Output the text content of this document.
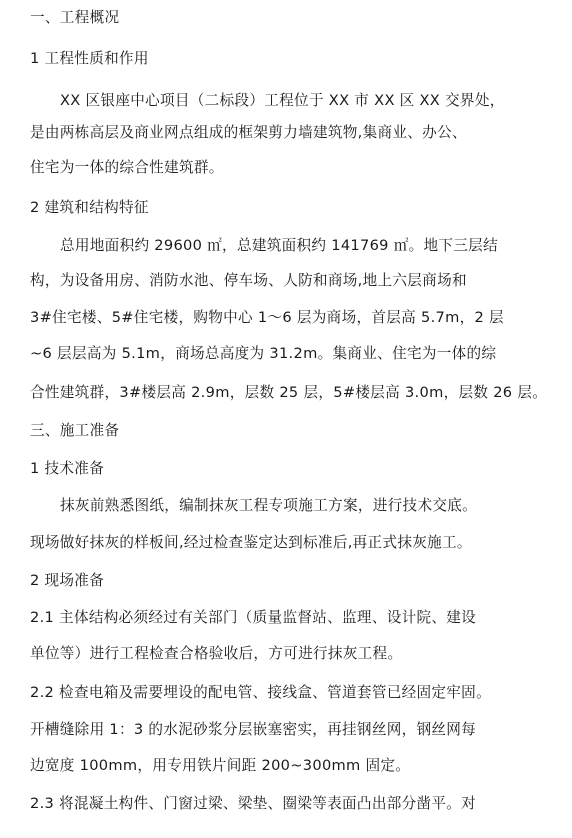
一、工程概况
1 工程性质和作用
XX 区银座中心项目（二标段）工程位于 XX 市 XX 区 XX 交界处，
是由两栋高层及商业网点组成的框架剪力墙建筑物,集商业、办公、
住宅为一体的综合性建筑群。
2 建筑和结构特征
总用地面积约 29600 ㎡，总建筑面积约 141769 ㎡。地下三层结
构，为设备用房、消防水池、停车场、人防和商场,地上六层商场和
3#住宅楼、5#住宅楼，购物中心 1～6 层为商场，首层高 5.7m，2 层
~6 层层高为 5.1m，商场总高度为 31.2m。集商业、住宅为一体的综
合性建筑群，3#楼层高 2.9m，层数 25 层，5#楼层高 3.0m，层数 26 层。
三、施工准备
1 技术准备
抹灰前熟悉图纸，编制抹灰工程专项施工方案，进行技术交底。
现场做好抹灰的样板间,经过检查鉴定达到标准后,再正式抹灰施工。
2 现场准备
2.1 主体结构必须经过有关部门（质量监督站、监理、设计院、建设
单位等）进行工程检查合格验收后，方可进行抹灰工程。
2.2 检查电箱及需要埋设的配电管、接线盒、管道套管已经固定牢固。
开槽缝除用 1：3 的水泥砂浆分层嵌塞密实，再挂钢丝网，钢丝网每
边宽度 100mm，用专用铁片间距 200~300mm 固定。
2.3 将混凝土构件、门窗过梁、梁垫、圈梁等表面凸出部分凿平。对
